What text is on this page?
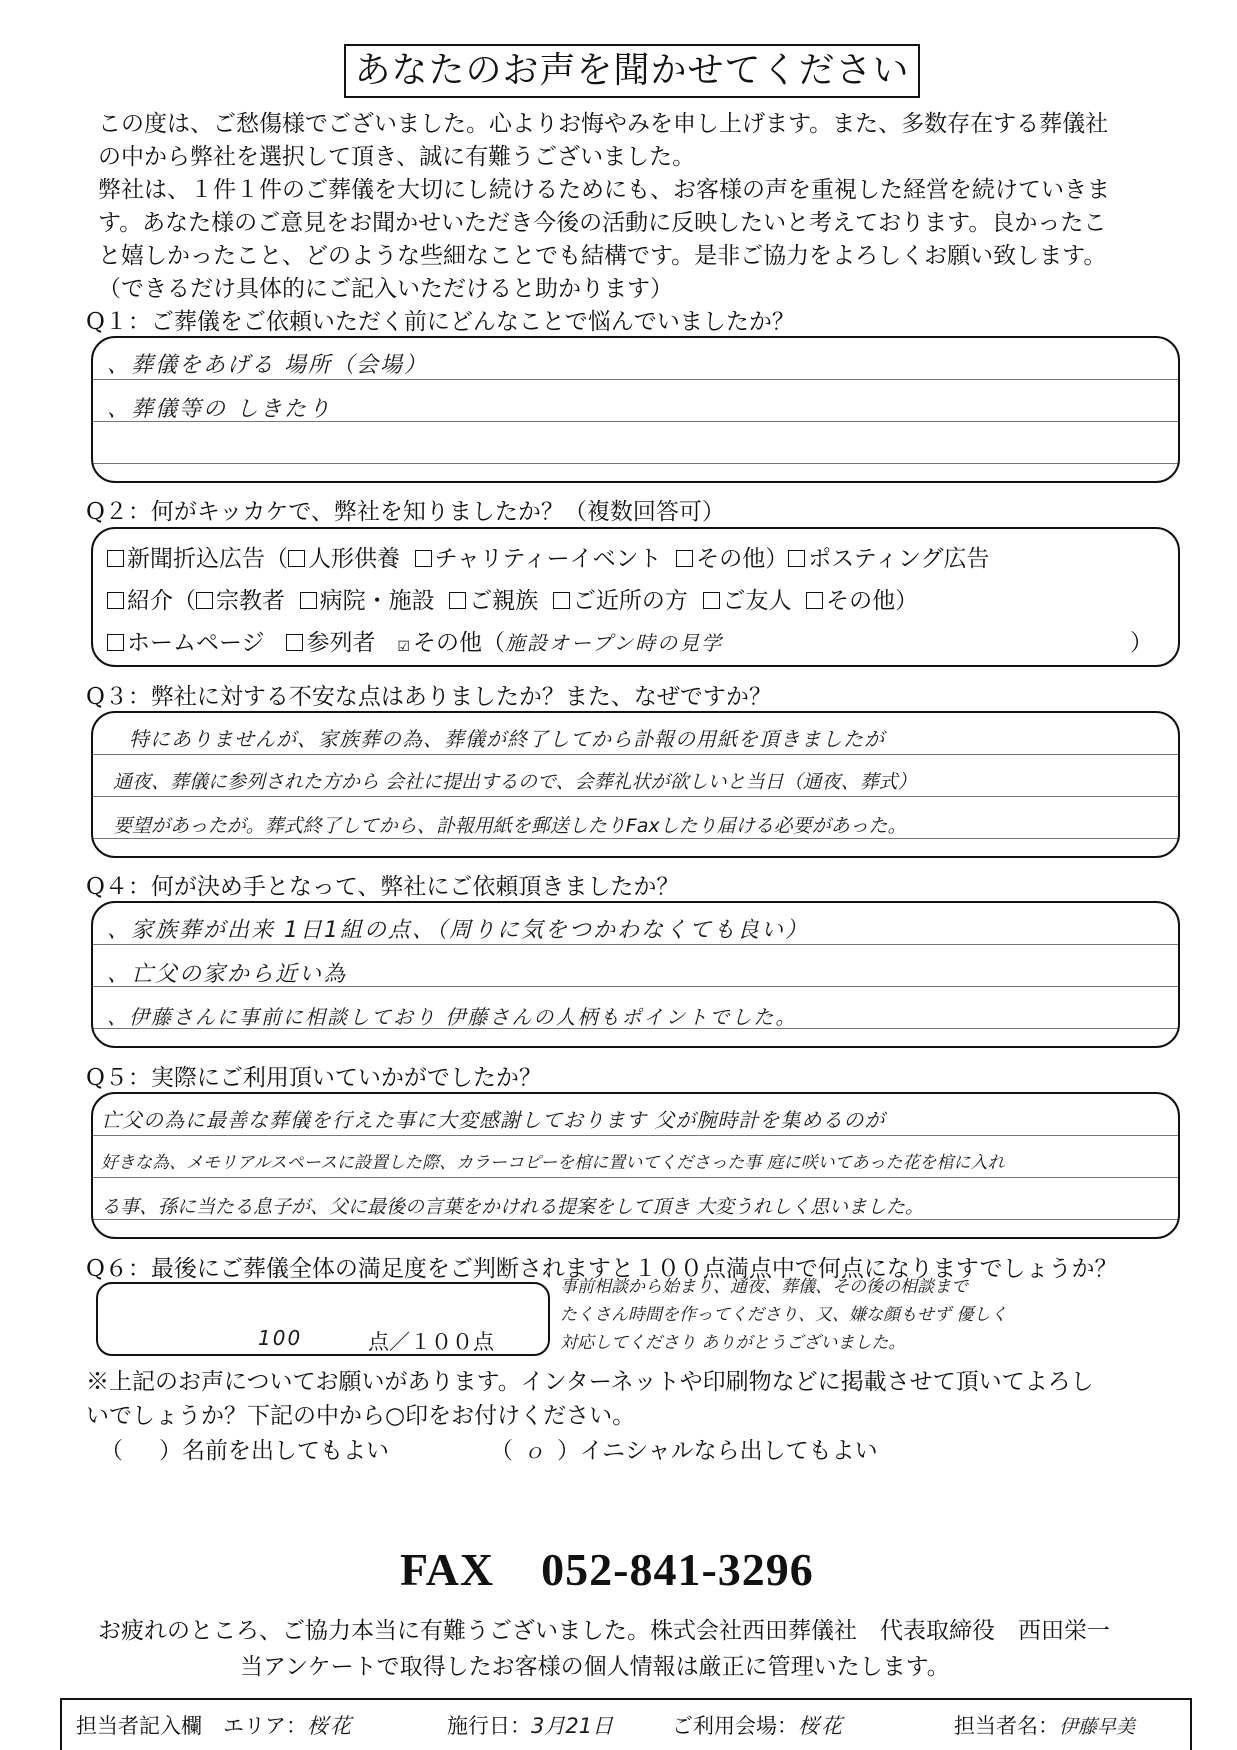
あなたのお声を聞かせてください
この度は、ご愁傷様でございました。心よりお悔やみを申し上げます。また、多数存在する葬儀社
の中から弊社を選択して頂き、誠に有難うございました。
弊社は、１件１件のご葬儀を大切にし続けるためにも、お客様の声を重視した経営を続けていきま
す。あなた様のご意見をお聞かせいただき今後の活動に反映したいと考えております。良かったこ
と嬉しかったこと、どのような些細なことでも結構です。是非ご協力をよろしくお願い致します。
（できるだけ具体的にご記入いただけると助かります）
Q１：ご葬儀をご依頼いただく前にどんなことで悩んでいましたか？
、葬儀をあげる 場所（会場）
、葬儀等の しきたり
Q２：何がキッカケで、弊社を知りましたか？（複数回答可）
新聞折込広告（ 人形供養 チャリティーイベント その他） ポスティング広告
紹介（ 宗教者 病院・施設 ご親族 ご近所の方 ご友人 その他）
ホームページ 参列者 ☑ その他（施設オープン時の見学	）
Q３：弊社に対する不安な点はありましたか？また、なぜですか？
特にありませんが、家族葬の為、葬儀が終了してから訃報の用紙を頂きましたが
通夜、葬儀に参列された方から 会社に提出するので、会葬礼状が欲しいと当日（通夜、葬式）
要望があったが。葬式終了してから、訃報用紙を郵送したりFaxしたり届ける必要があった。
Q４：何が決め手となって、弊社にご依頼頂きましたか？
、家族葬が出来 1日1組の点、（周りに気をつかわなくても良い）
、亡父の家から近い為
、伊藤さんに事前に相談しており 伊藤さんの人柄もポイントでした。
Q５：実際にご利用頂いていかがでしたか？
亡父の為に最善な葬儀を行えた事に大変感謝しております 父が腕時計を集めるのが
好きな為、メモリアルスペースに設置した際、カラーコピーを棺に置いてくださった事 庭に咲いてあった花を棺に入れ
る事、孫に当たる息子が、父に最後の言葉をかけれる提案をして頂き 大変うれしく思いました。
Q６：最後にご葬儀全体の満足度をご判断されますと１００点満点中で何点になりますでしょうか？
100	点／１００点
事前相談から始まり、通夜、葬儀、その後の相談まで
たくさん時間を作ってくださり、又、嫌な顔もせず 優しく
対応してくださり ありがとうございました。
※上記のお声についてお願いがあります。インターネットや印刷物などに掲載させて頂いてよろし
いでしょうか？下記の中から○印をお付けください。
（ ）名前を出してもよい	（ ｏ ）イニシャルなら出してもよい
FAX　052-841-3296
お疲れのところ、ご協力本当に有難うございました。株式会社西田葬儀社　代表取締役　西田栄一
当アンケートで取得したお客様の個人情報は厳正に管理いたします。
担当者記入欄　エリア：桜花	施行日：3月21日	ご利用会場：桜花	担当者名：伊藤早美
